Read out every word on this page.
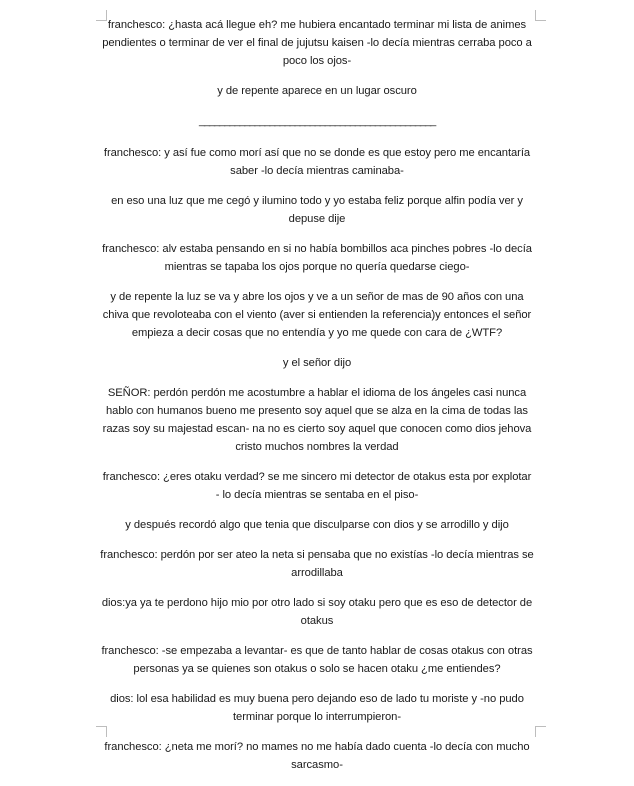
franchesco: ¿hasta acá llegue eh? me hubiera encantado terminar mi lista de animes pendientes o terminar de ver el final de jujutsu kaisen -lo decía mientras cerraba poco a poco los ojos-

y de repente aparece en un lugar oscuro

_______________________________________________

franchesco: y así fue como morí así que no se donde es que estoy pero me encantaría saber -lo decía mientras caminaba-

en eso una luz que me cegó y ilumino todo y yo estaba feliz porque alfin podía ver y depuse dije

franchesco: alv estaba pensando en si no había bombillos aca pinches pobres -lo decía mientras se tapaba los ojos porque no quería quedarse ciego-

y de repente la luz se va y abre los ojos y ve a un señor de mas de 90 años con una chiva que revoloteaba con el viento (aver si entienden la referencia)y entonces el señor empieza a decir cosas que no entendía y yo me quede con cara de ¿WTF?

y el señor dijo

SEÑOR: perdón perdón me acostumbre a hablar el idioma de los ángeles casi nunca hablo con humanos bueno me presento soy aquel que se alza en la cima de todas las razas soy su majestad escan- na no es cierto soy aquel que conocen como dios jehova cristo muchos nombres la verdad

franchesco: ¿eres otaku verdad? se me sincero mi detector de otakus esta por explotar - lo decía mientras se sentaba en el piso-

y después recordó algo que tenia que disculparse con dios y se arrodillo y dijo

franchesco: perdón por ser ateo la neta si pensaba que no existías -lo decía mientras se arrodillaba

dios:ya ya te perdono hijo mio por otro lado si soy otaku pero que es eso de detector de otakus

franchesco: -se empezaba a levantar- es que de tanto hablar de cosas otakus con otras personas ya se quienes son otakus o solo se hacen otaku ¿me entiendes?

dios: lol esa habilidad es muy buena pero dejando eso de lado tu moriste y -no pudo terminar porque lo interrumpieron-

franchesco: ¿neta me morí? no mames no me había dado cuenta -lo decía con mucho sarcasmo-
